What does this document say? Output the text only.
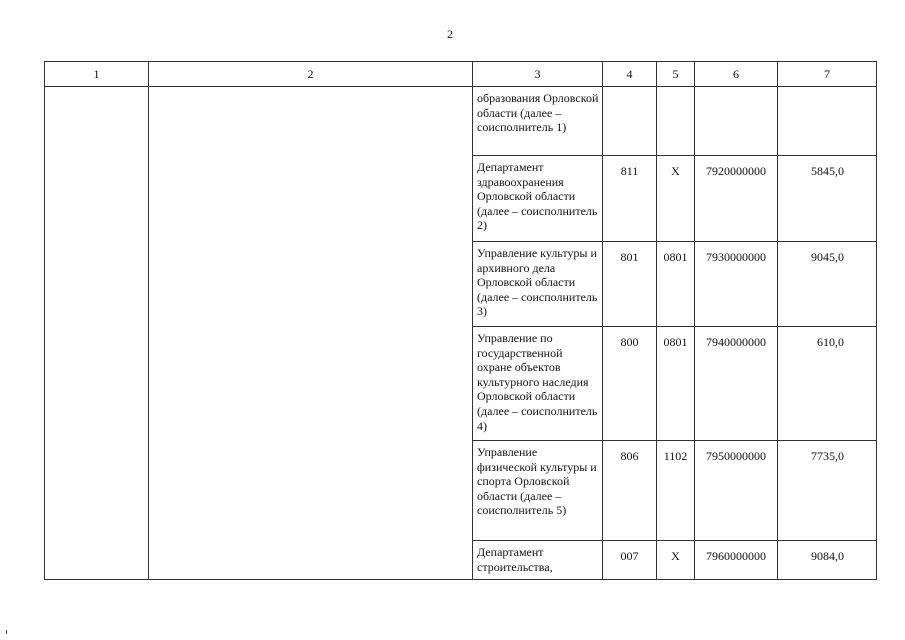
2
1	2	3	4	5	6	7
		образования Орловской области (далее – соисполнитель 1)				
		Департамент здравоохранения Орловской области (далее – соисполнитель 2)	811	Х	7920000000	5845,0
		Управление культуры и архивного дела Орловской области (далее – соисполнитель 3)	801	0801	7930000000	9045,0
		Управление по государственной охране объектов культурного наследия Орловской области (далее – соисполнитель 4)	800	0801	7940000000	610,0
		Управление физической культуры и спорта Орловской области (далее – соисполнитель 5)	806	1102	7950000000	7735,0
		Департамент строительства,	007	Х	7960000000	9084,0
